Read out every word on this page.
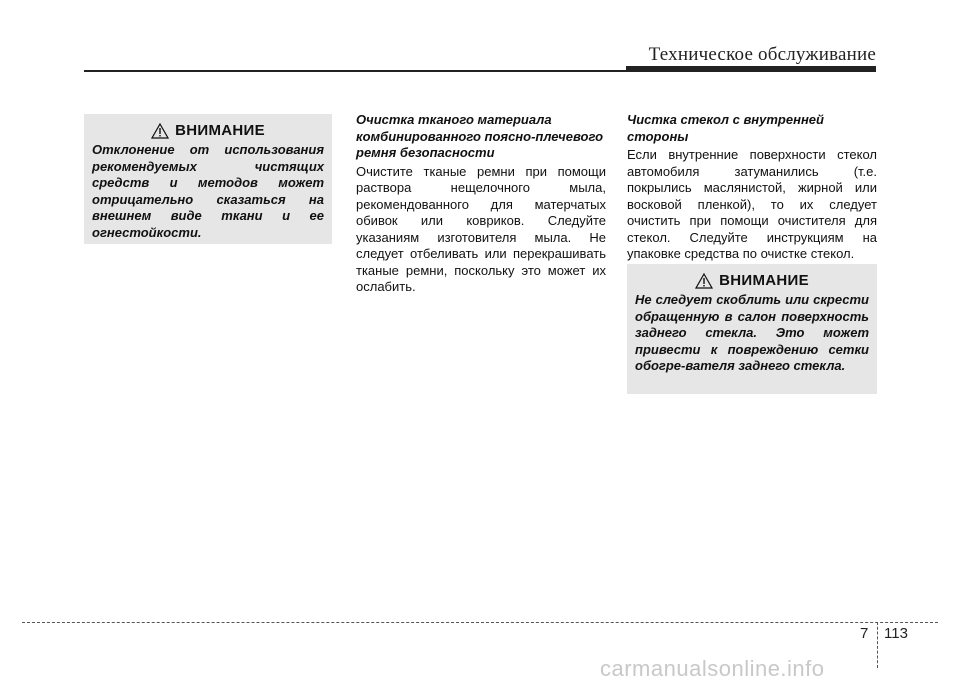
Техническое обслуживание
ВНИМАНИЕ

Отклонение от использования рекомендуемых чистящих средств и методов может отрицательно сказаться на внешнем виде ткани и ее огнестойкости.

Очистка тканого материала комбинированного поясно-плечевого ремня безопасности

Очистите тканые ремни при помощи раствора нещелочного мыла, рекомендованного для матерчатых обивок или ковриков. Следуйте указаниям изготовителя мыла. Не следует отбеливать или перекрашивать тканые ремни, поскольку это может их ослабить.

Чистка стекол с внутренней стороны

Если внутренние поверхности стекол автомобиля затуманились (т.е. покрылись маслянистой, жирной или восковой пленкой), то их следует очистить при помощи очистителя для стекол. Следуйте инструкциям на упаковке средства по очистке стекол.

ВНИМАНИЕ

Не следует скоблить или скрести обращенную в салон поверхность заднего стекла. Это может привести к повреждению сетки обогре-вателя заднего стекла.

7 113
carmanualsonline.info
